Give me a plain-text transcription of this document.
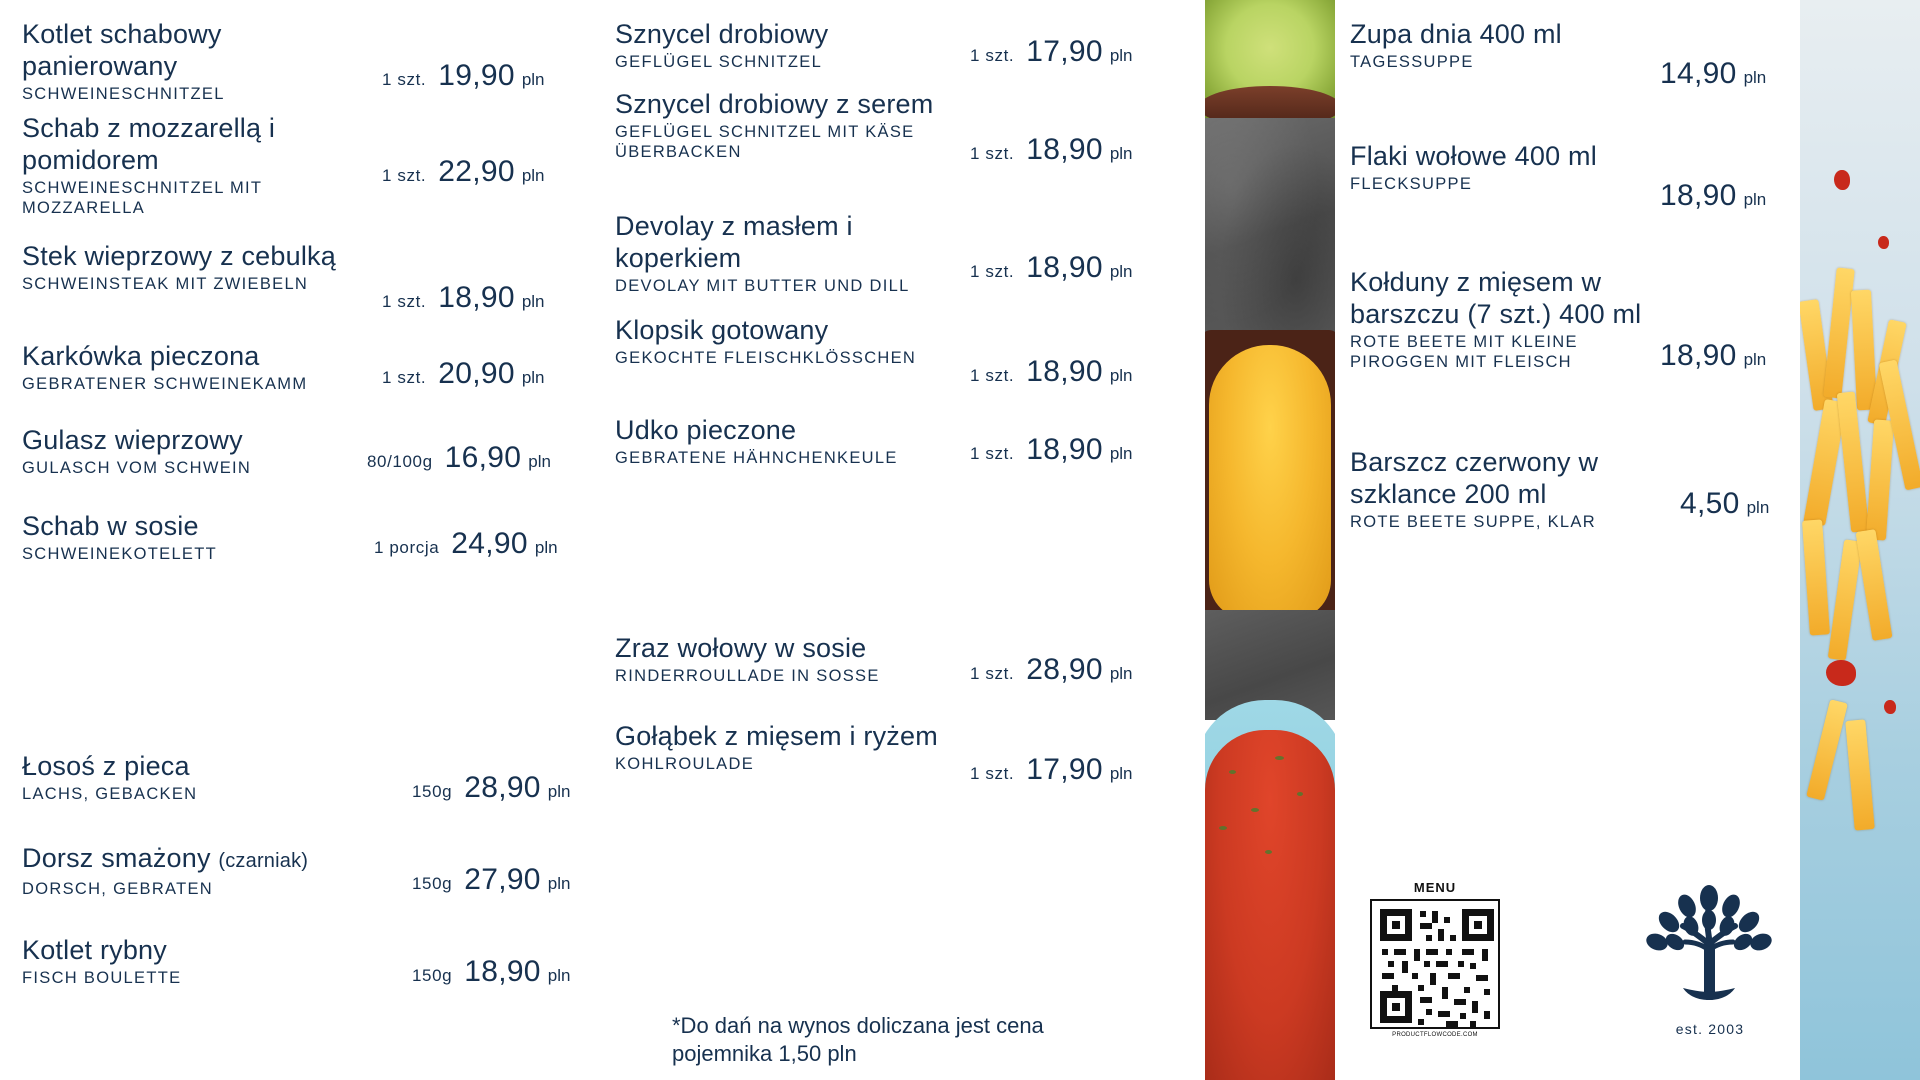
Kotlet schabowy panierowany
SCHWEINESCHNITZEL
1 szt. 19,90 pln
Schab z mozzarellą i pomidorem
SCHWEINESCHNITZEL MIT MOZZARELLA
1 szt. 22,90 pln
Stek wieprzowy z cebulką
SCHWEINSTEAK MIT ZWIEBELN
1 szt. 18,90 pln
Karkówka pieczona
GEBRATENER SCHWEINEKAMM	1 szt. 20,90 pln
Gulasz wieprzowy
GULASCH VOM SCHWEIN	80/100g 16,90 pln
Schab w sosie
SCHWEINEKOTELETT	1 porcja 24,90 pln
Łosoś z pieca
LACHS, GEBACKEN	150g 28,90 pln
Dorsz smażony (czarniak)
DORSCH, GEBRATEN	150g 27,90 pln
Kotlet rybny
FISCH BOULETTE	150g 18,90 pln
Sznycel drobiowy
GEFLÜGEL SCHNITZEL	1 szt. 17,90 pln
Sznycel drobiowy z serem
GEFLÜGEL SCHNITZEL MIT KÄSE ÜBERBACKEN	1 szt. 18,90 pln
Devolay z masłem i koperkiem
DEVOLAY MIT BUTTER UND DILL
1 szt. 18,90 pln
Klopsik gotowany
GEKOCHTE FLEISCHKLÖSSCHEN
1 szt. 18,90 pln
Udko pieczone
GEBRATENE HÄHNCHENKEULE	1 szt. 18,90 pln
Zraz wołowy w sosie
RINDERROULLADE IN SOSSE	1 szt. 28,90 pln
Gołąbek z mięsem i ryżem
KOHLROULADE	1 szt. 17,90 pln
Zupa dnia 400 ml
TAGESSUPPE	14,90 pln
Flaki wołowe 400 ml
FLECKSUPPE	18,90 pln
Kołduny z mięsem w barszczu (7 szt.) 400 ml
ROTE BEETE MIT KLEINE PIROGGEN MIT FLEISCH	18,90 pln
Barszcz czerwony w szklance 200 ml
ROTE BEETE SUPPE, KLAR
4,50 pln
*Do dań na wynos doliczana jest cena pojemnika 1,50 pln
MENU
PRODUCTFLOWCODE.COM	est. 2003
